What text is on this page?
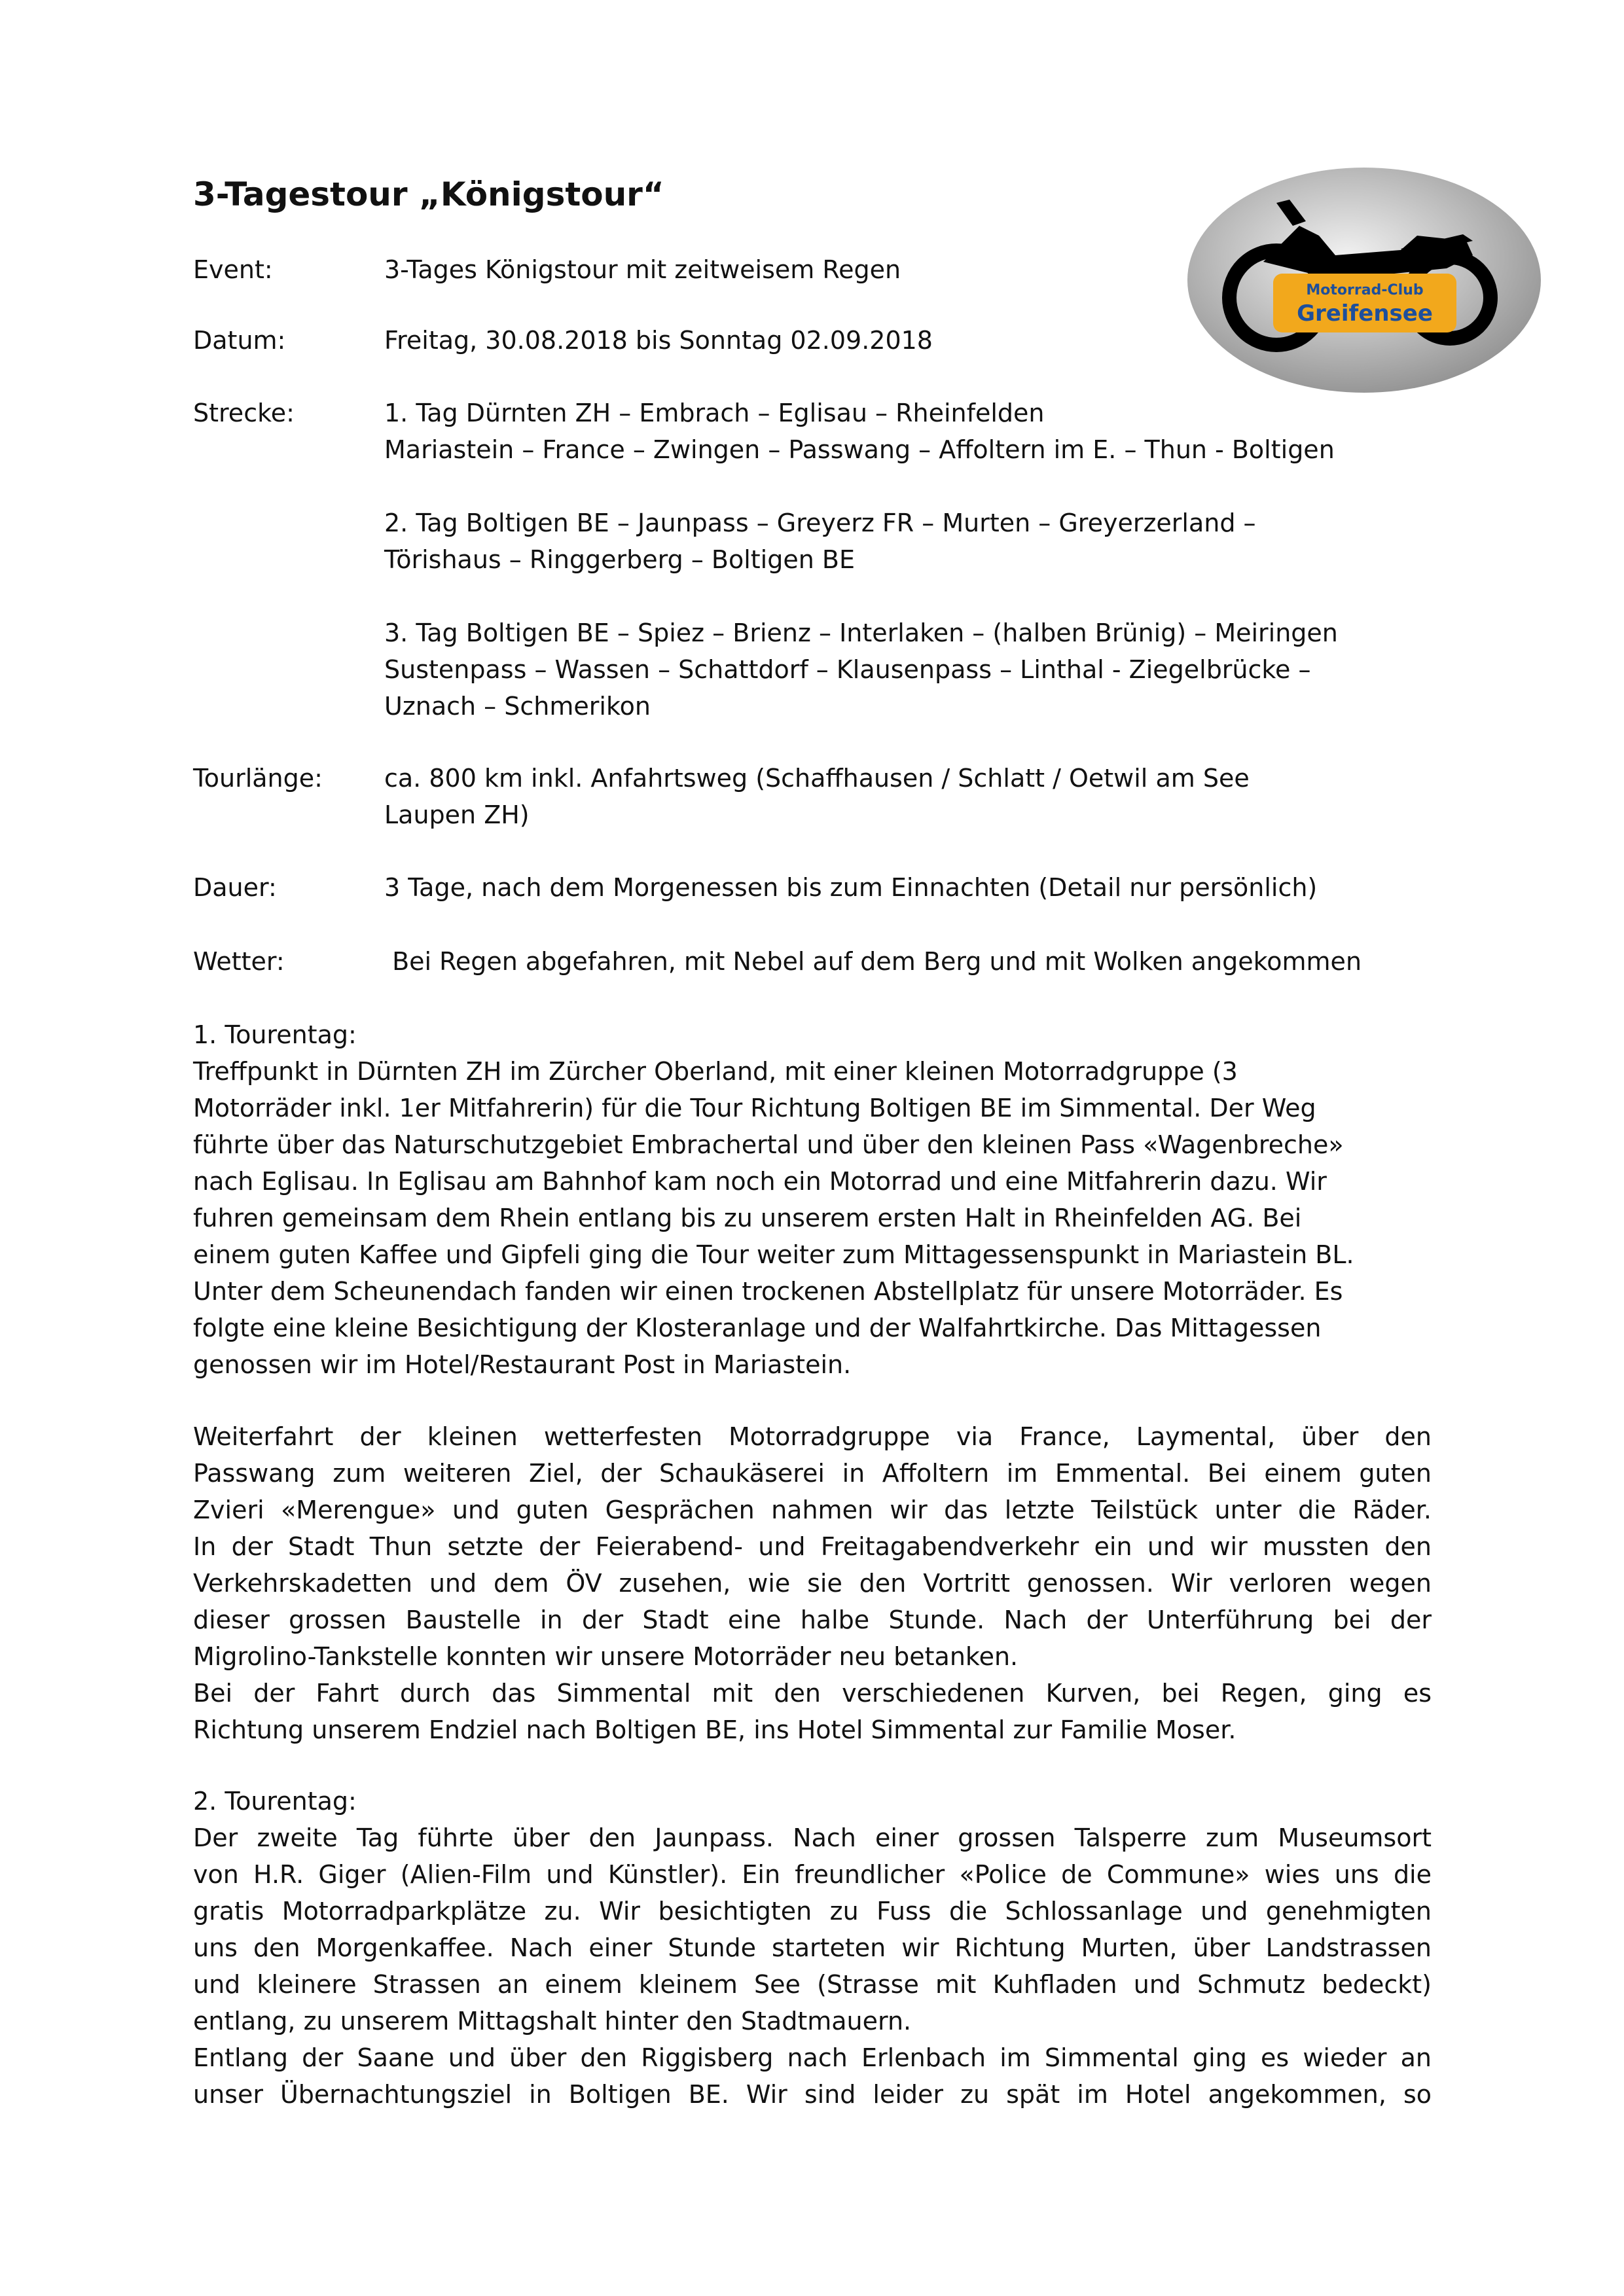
3-Tagestour „Königstour“
Motorrad-Club
Greifensee
Event:	3-Tages Königstour mit zeitweisem Regen
Datum:	Freitag, 30.08.2018 bis Sonntag 02.09.2018
Strecke:	1. Tag Dürnten ZH – Embrach – Eglisau – Rheinfelden
Mariastein – France – Zwingen – Passwang – Affoltern im E. – Thun - Boltigen
2. Tag Boltigen BE – Jaunpass – Greyerz FR – Murten – Greyerzerland –
Törishaus – Ringgerberg – Boltigen BE
3. Tag Boltigen BE – Spiez – Brienz – Interlaken – (halben Brünig) – Meiringen
Sustenpass – Wassen – Schattdorf – Klausenpass – Linthal - Ziegelbrücke –
Uznach – Schmerikon
Tourlänge: ca. 800 km inkl. Anfahrtsweg (Schaffhausen / Schlatt / Oetwil am See
Laupen ZH)
Dauer:	3 Tage, nach dem Morgenessen bis zum Einnachten (Detail nur persönlich)
Wetter:	Bei Regen abgefahren, mit Nebel auf dem Berg und mit Wolken angekommen
1. Tourentag:
Treffpunkt in Dürnten ZH im Zürcher Oberland, mit einer kleinen Motorradgruppe (3
Motorräder inkl. 1er Mitfahrerin) für die Tour Richtung Boltigen BE im Simmental. Der Weg
führte über das Naturschutzgebiet Embrachertal und über den kleinen Pass «Wagenbreche»
nach Eglisau. In Eglisau am Bahnhof kam noch ein Motorrad und eine Mitfahrerin dazu. Wir
fuhren gemeinsam dem Rhein entlang bis zu unserem ersten Halt in Rheinfelden AG. Bei
einem guten Kaffee und Gipfeli ging die Tour weiter zum Mittagessenspunkt in Mariastein BL.
Unter dem Scheunendach fanden wir einen trockenen Abstellplatz für unsere Motorräder. Es
folgte eine kleine Besichtigung der Klosteranlage und der Walfahrtkirche. Das Mittagessen
genossen wir im Hotel/Restaurant Post in Mariastein.
Weiterfahrt der kleinen wetterfesten Motorradgruppe via France, Laymental, über den
Passwang zum weiteren Ziel, der Schaukäserei in Affoltern im Emmental. Bei einem guten
Zvieri «Merengue» und guten Gesprächen nahmen wir das letzte Teilstück unter die Räder.
In der Stadt Thun setzte der Feierabend- und Freitagabendverkehr ein und wir mussten den
Verkehrskadetten und dem ÖV zusehen, wie sie den Vortritt genossen. Wir verloren wegen
dieser grossen Baustelle in der Stadt eine halbe Stunde. Nach der Unterführung bei der
Migrolino-Tankstelle konnten wir unsere Motorräder neu betanken.
Bei der Fahrt durch das Simmental mit den verschiedenen Kurven, bei Regen, ging es
Richtung unserem Endziel nach Boltigen BE, ins Hotel Simmental zur Familie Moser.
2. Tourentag:
Der zweite Tag führte über den Jaunpass. Nach einer grossen Talsperre zum Museumsort
von H.R. Giger (Alien-Film und Künstler). Ein freundlicher «Police de Commune» wies uns die
gratis Motorradparkplätze zu. Wir besichtigten zu Fuss die Schlossanlage und genehmigten
uns den Morgenkaffee. Nach einer Stunde starteten wir Richtung Murten, über Landstrassen
und kleinere Strassen an einem kleinem See (Strasse mit Kuhfladen und Schmutz bedeckt)
entlang, zu unserem Mittagshalt hinter den Stadtmauern.
Entlang der Saane und über den Riggisberg nach Erlenbach im Simmental ging es wieder an
unser Übernachtungsziel in Boltigen BE. Wir sind leider zu spät im Hotel angekommen, so
